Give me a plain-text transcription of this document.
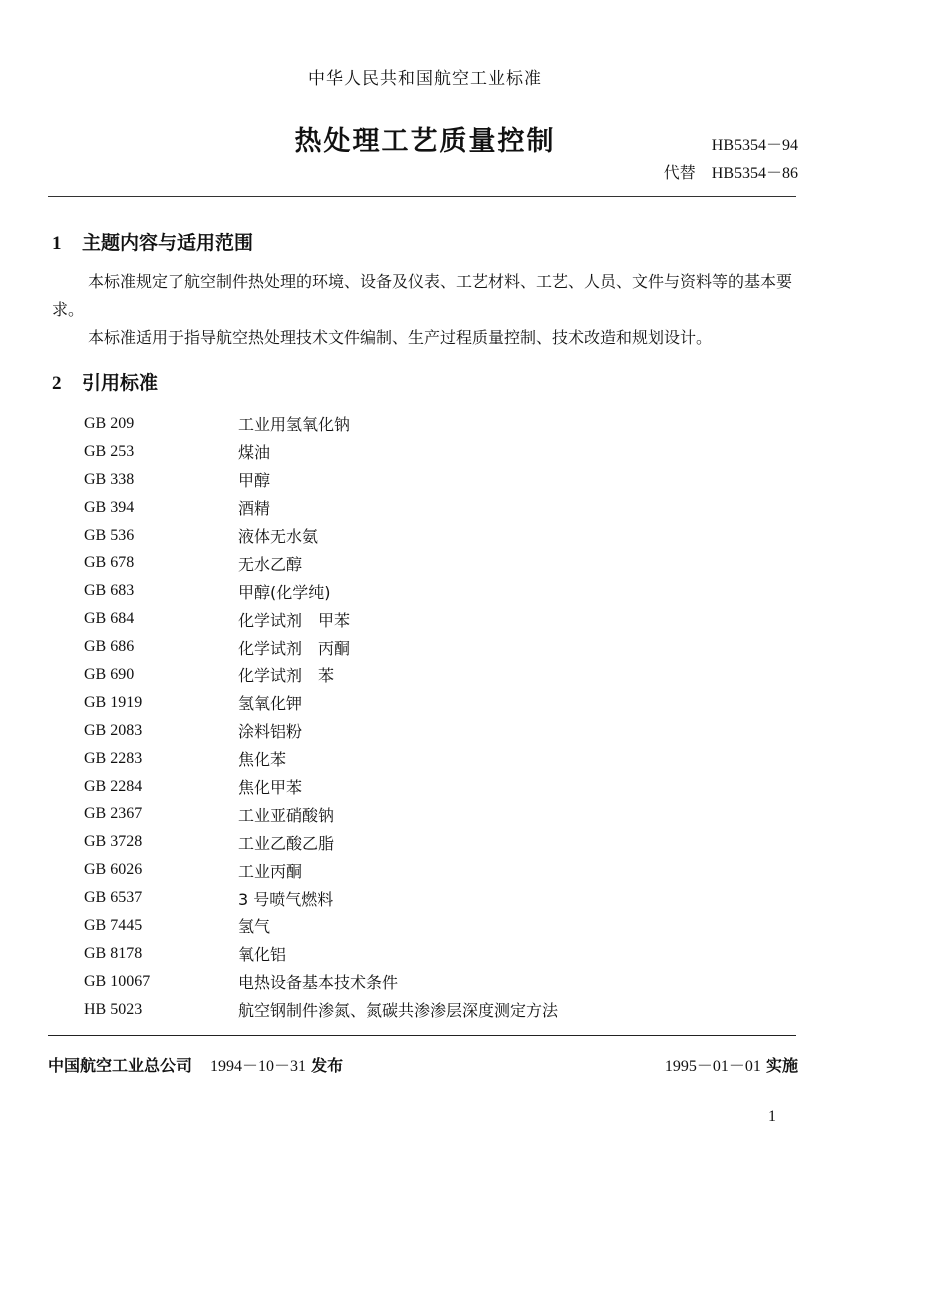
中华人民共和国航空工业标准
热处理工艺质量控制	HB5354－94
代替 HB5354－86
1 主题内容与适用范围
本标准规定了航空制件热处理的环境、设备及仪表、工艺材料、工艺、人员、文件与资料等的基本要求。
本标准适用于指导航空热处理技术文件编制、生产过程质量控制、技术改造和规划设计。
2 引用标准
GB 209	工业用氢氧化钠
GB 253	煤油
GB 338	甲醇
GB 394	酒精
GB 536	液体无水氨
GB 678	无水乙醇
GB 683	甲醇(化学纯)
GB 684	化学试剂　甲苯
GB 686	化学试剂　丙酮
GB 690	化学试剂　苯
GB 1919	氢氧化钾
GB 2083	涂料铝粉
GB 2283	焦化苯
GB 2284	焦化甲苯
GB 2367	工业亚硝酸钠
GB 3728	工业乙酸乙脂
GB 6026	工业丙酮
GB 6537	3 号喷气燃料
GB 7445	氢气
GB 8178	氧化铝
GB 10067	电热设备基本技术条件
HB 5023	航空钢制件渗氮、氮碳共渗渗层深度测定方法
中国航空工业总公司 1994－10－31 发布	1995－01－01 实施
1
